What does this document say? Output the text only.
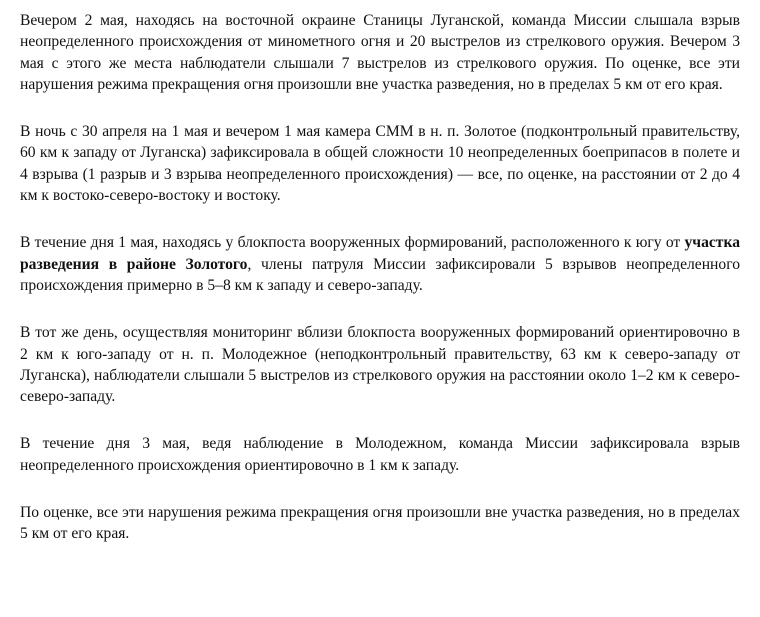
Вечером 2 мая, находясь на восточной окраине Станицы Луганской, команда Миссии слышала взрыв неопределенного происхождения от минометного огня и 20 выстрелов из стрелкового оружия. Вечером 3 мая с этого же места наблюдатели слышали 7 выстрелов из стрелкового оружия. По оценке, все эти нарушения режима прекращения огня произошли вне участка разведения, но в пределах 5 км от его края.

В ночь с 30 апреля на 1 мая и вечером 1 мая камера СММ в н. п. Золотое (подконтрольный правительству, 60 км к западу от Луганска) зафиксировала в общей сложности 10 неопределенных боеприпасов в полете и 4 взрыва (1 разрыв и 3 взрыва неопределенного происхождения) — все, по оценке, на расстоянии от 2 до 4 км к востоко-северо-востоку и востоку.

В течение дня 1 мая, находясь у блокпоста вооруженных формирований, расположенного к югу от участка разведения в районе Золотого, члены патруля Миссии зафиксировали 5 взрывов неопределенного происхождения примерно в 5–8 км к западу и северо-западу.

В тот же день, осуществляя мониторинг вблизи блокпоста вооруженных формирований ориентировочно в 2 км к юго-западу от н. п. Молодежное (неподконтрольный правительству, 63 км к северо-западу от Луганска), наблюдатели слышали 5 выстрелов из стрелкового оружия на расстоянии около 1–2 км к северо-северо-западу.

В течение дня 3 мая, ведя наблюдение в Молодежном, команда Миссии зафиксировала взрыв неопределенного происхождения ориентировочно в 1 км к западу.

По оценке, все эти нарушения режима прекращения огня произошли вне участка разведения, но в пределах 5 км от его края.
